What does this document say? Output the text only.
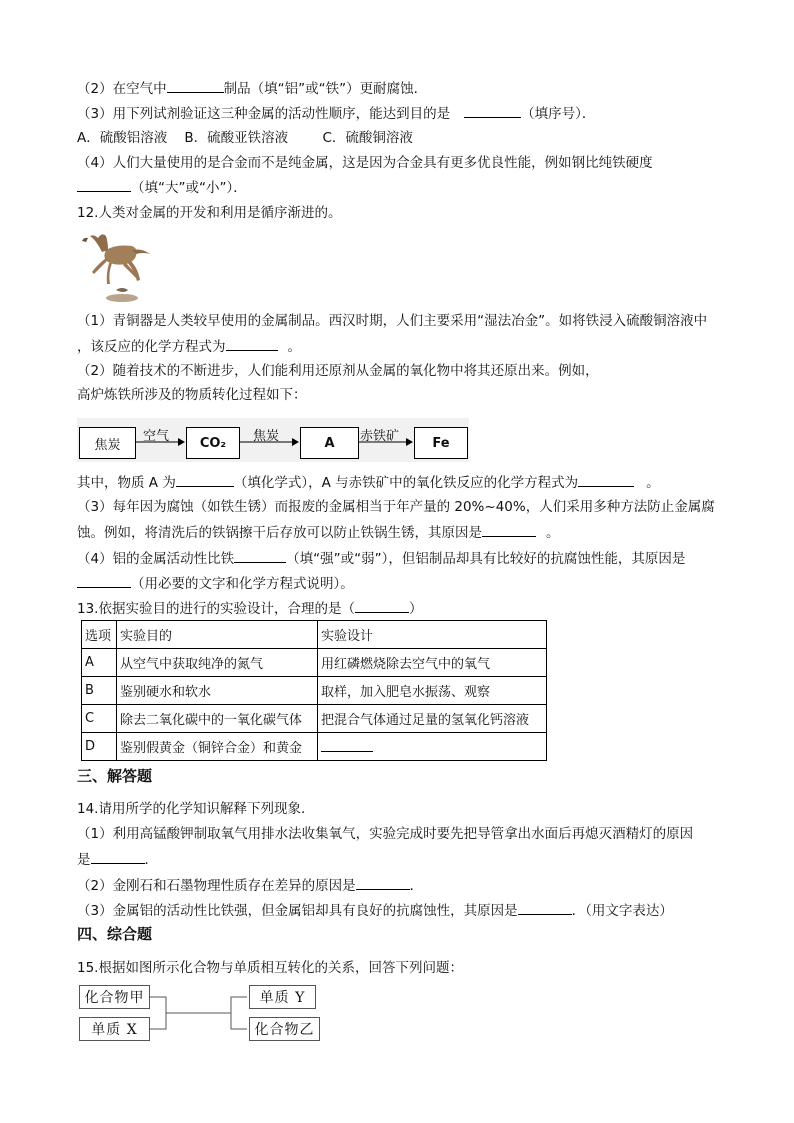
（2）在空气中	制品（填“铝”或“铁”）更耐腐蚀．
（3）用下列试剂验证这三种金属的活动性顺序，能达到目的是	（填序号）．
A．硫酸铝溶液    B．硫酸亚铁溶液        C．硫酸铜溶液
（4）人们大量使用的是合金而不是纯金属，这是因为合金具有更多优良性能，例如钢比纯铁硬度
（填“大”或“小”）．
12.人类对金属的开发和利用是循序渐进的。
（1）青铜器是人类较早使用的金属制品。西汉时期，人们主要采用“湿法冶金”。如将铁浸入硫酸铜溶液中
，该反应的化学方程式为	。
（2）随着技术的不断进步，人们能利用还原剂从金属的氧化物中将其还原出来。例如，
高炉炼铁所涉及的物质转化过程如下：
焦炭	CO₂	A	Fe
空气	焦炭	赤铁矿
其中，物质 A 为	（填化学式），A 与赤铁矿中的氧化铁反应的化学方程式为	。
（3）每年因为腐蚀（如铁生锈）而报废的金属相当于年产量的 20%~40%，人们采用多种方法防止金属腐
蚀。例如，将清洗后的铁锅擦干后存放可以防止铁锅生锈，其原因是	。
（4）铝的金属活动性比铁	（填“强”或“弱”），但铝制品却具有比较好的抗腐蚀性能，其原因是
（用必要的文字和化学方程式说明）。
13.依据实验目的进行的实验设计，合理的是（	）
选项	实验目的	实验设计
A	从空气中获取纯净的氮气	用红磷燃烧除去空气中的氧气
B	鉴别硬水和软水	取样，加入肥皂水振荡、观察
C	除去二氧化碳中的一氧化碳气体	把混合气体通过足量的氢氧化钙溶液
D	鉴别假黄金（铜锌合金）和黄金	
三、解答题
14.请用所学的化学知识解释下列现象．
（1）利用高锰酸钾制取氧气用排水法收集氧气，实验完成时要先把导管拿出水面后再熄灭酒精灯的原因
是	．
（2）金刚石和石墨物理性质存在差异的原因是	．
（3）金属铝的活动性比铁强，但金属铝却具有良好的抗腐蚀性，其原因是	．（用文字表达）
四、综合题
15.根据如图所示化合物与单质相互转化的关系，回答下列问题：
化合物甲
单质 X
单质 Y
化合物乙
